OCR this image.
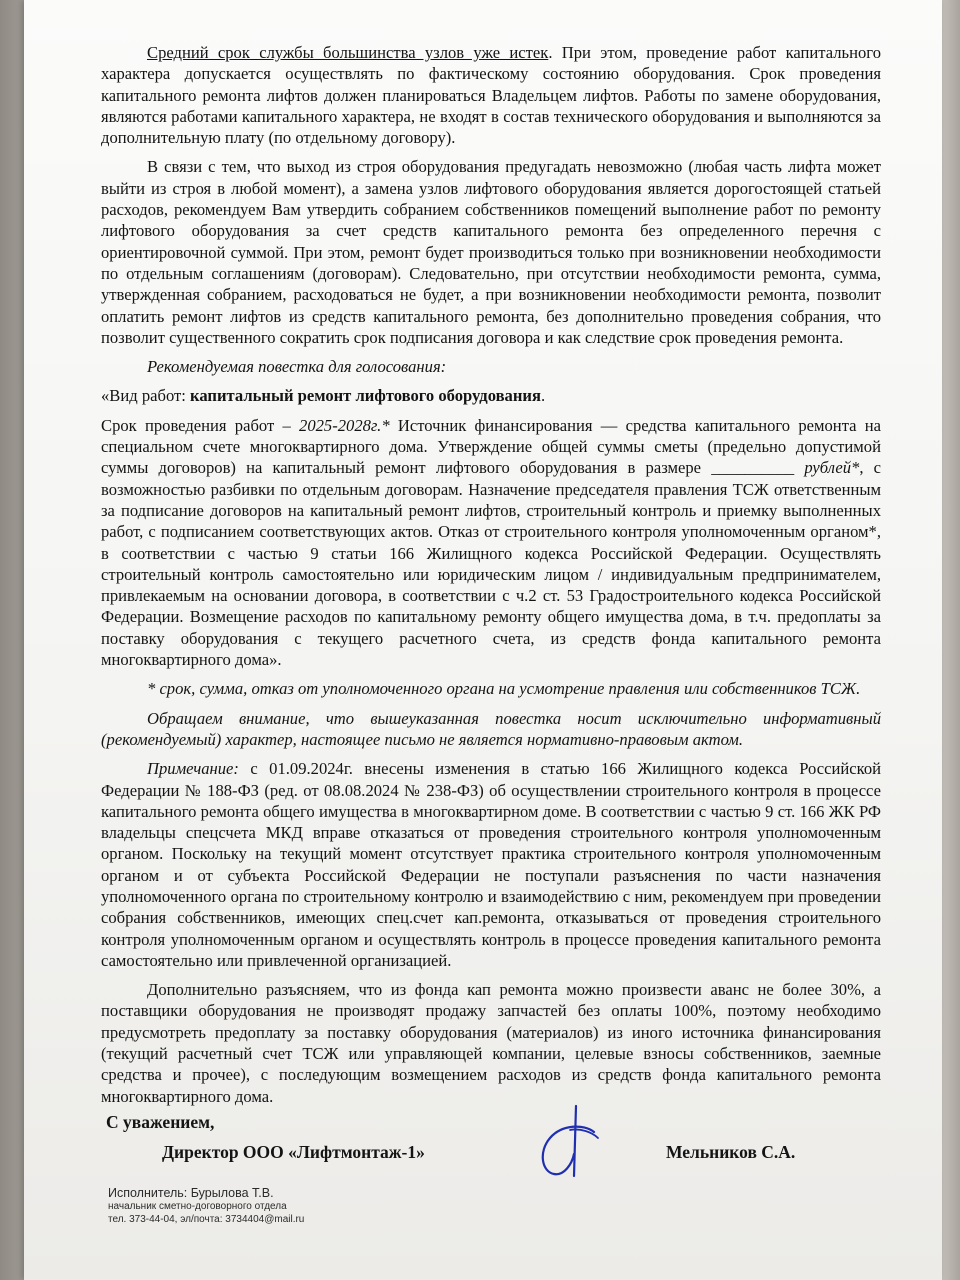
Средний срок службы большинства узлов уже истек. При этом, проведение работ капитального характера допускается осуществлять по фактическому состоянию оборудования. Срок проведения капитального ремонта лифтов должен планироваться Владельцем лифтов. Работы по замене оборудования, являются работами капитального характера, не входят в состав технического оборудования и выполняются за дополнительную плату (по отдельному договору).

В связи с тем, что выход из строя оборудования предугадать невозможно (любая часть лифта может выйти из строя в любой момент), а замена узлов лифтового оборудования является дорогостоящей статьей расходов, рекомендуем Вам утвердить собранием собственников помещений выполнение работ по ремонту лифтового оборудования за счет средств капитального ремонта без определенного перечня с ориентировочной суммой. При этом, ремонт будет производиться только при возникновении необходимости по отдельным соглашениям (договорам). Следовательно, при отсутствии необходимости ремонта, сумма, утвержденная собранием, расходоваться не будет, а при возникновении необходимости ремонта, позволит оплатить ремонт лифтов из средств капитального ремонта, без дополнительно проведения собрания, что позволит существенного сократить срок подписания договора и как следствие срок проведения ремонта.

Рекомендуемая повестка для голосования:

«Вид работ: капитальный ремонт лифтового оборудования.

Срок проведения работ – 2025-2028г.* Источник финансирования — средства капитального ремонта на специальном счете многоквартирного дома. Утверждение общей суммы сметы (предельно допустимой суммы договоров) на капитальный ремонт лифтового оборудования в размере __________ рублей*, с возможностью разбивки по отдельным договорам. Назначение председателя правления ТСЖ ответственным за подписание договоров на капитальный ремонт лифтов, строительный контроль и приемку выполненных работ, с подписанием соответствующих актов. Отказ от строительного контроля уполномоченным органом*, в соответствии с частью 9 статьи 166 Жилищного кодекса Российской Федерации. Осуществлять строительный контроль самостоятельно или юридическим лицом / индивидуальным предпринимателем, привлекаемым на основании договора, в соответствии с ч.2 ст. 53 Градостроительного кодекса Российской Федерации. Возмещение расходов по капитальному ремонту общего имущества дома, в т.ч. предоплаты за поставку оборудования с текущего расчетного счета, из средств фонда капитального ремонта многоквартирного дома».

* срок, сумма, отказ от уполномоченного органа на усмотрение правления или собственников ТСЖ.

Обращаем внимание, что вышеуказанная повестка носит исключительно информативный (рекомендуемый) характер, настоящее письмо не является нормативно-правовым актом.

Примечание: с 01.09.2024г. внесены изменения в статью 166 Жилищного кодекса Российской Федерации № 188-ФЗ (ред. от 08.08.2024 № 238-ФЗ) об осуществлении строительного контроля в процессе капитального ремонта общего имущества в многоквартирном доме. В соответствии с частью 9 ст. 166 ЖК РФ владельцы спецсчета МКД вправе отказаться от проведения строительного контроля уполномоченным органом. Поскольку на текущий момент отсутствует практика строительного контроля уполномоченным органом и от субъекта Российской Федерации не поступали разъяснения по части назначения уполномоченного органа по строительному контролю и взаимодействию с ним, рекомендуем при проведении собрания собственников, имеющих спец.счет кап.ремонта, отказываться от проведения строительного контроля уполномоченным органом и осуществлять контроль в процессе проведения капитального ремонта самостоятельно или привлеченной организацией.

Дополнительно разъясняем, что из фонда кап ремонта можно произвести аванс не более 30%, а поставщики оборудования не производят продажу запчастей без оплаты 100%, поэтому необходимо предусмотреть предоплату за поставку оборудования (материалов) из иного источника финансирования (текущий расчетный счет ТСЖ или управляющей компании, целевые взносы собственников, заемные средства и прочее), с последующим возмещением расходов из средств фонда капитального ремонта многоквартирного дома.

С уважением,
Директор ООО «Лифтмонтаж-1»	Мельников С.А.
Исполнитель: Бурылова Т.В.
начальник сметно-договорного отдела
тел. 373-44-04, эл/почта: 3734404@mail.ru
